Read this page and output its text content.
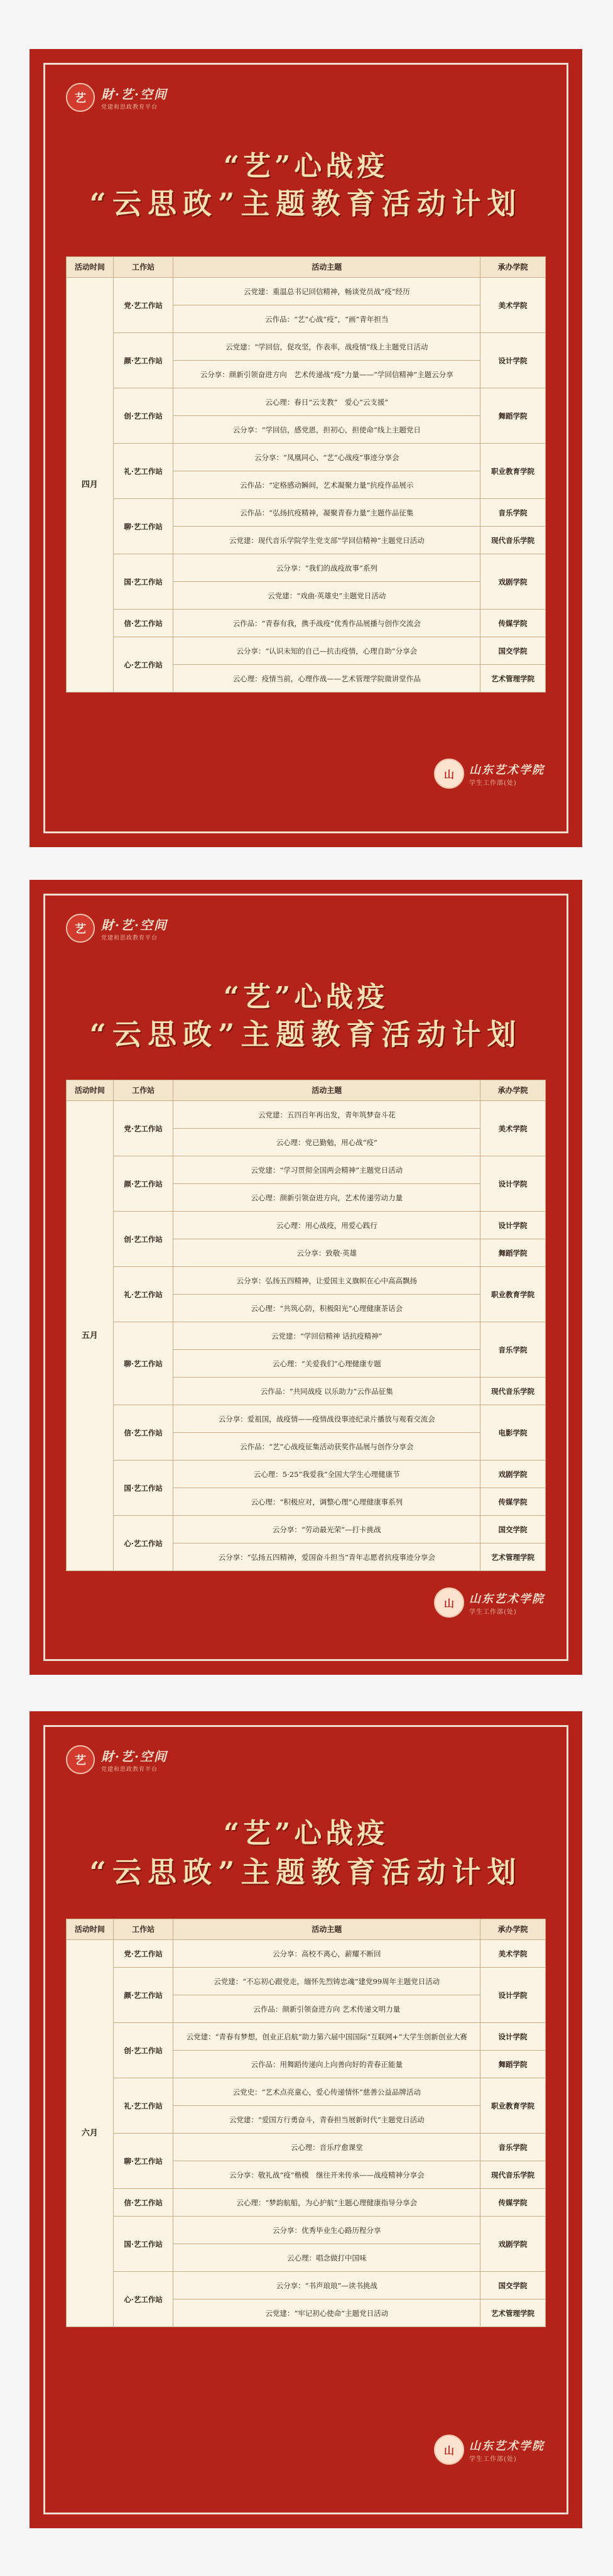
艺	財·艺·空间
党建和思政教育平台
“艺”心战疫
“云思政”主题教育活动计划
活动时间	工作站	活动主题	承办学院
四月	党·艺工作站	云党建：重温总书记回信精神，畅谈党员战“疫”经历	美术学院
		云作品：“艺”心战“疫”，“画”青年担当	
	颜·艺工作站	云党建：“学回信，促攻坚，作表率，战疫情”线上主题党日活动	设计学院
		云分享：颜新引领奋进方向　艺术传递战“疫”力量——“学回信精神”主题云分享	
	创·艺工作站	云心理：春日“云支教”　爱心“云支援”	舞蹈学院
		云分享：“学回信，感党恩，担初心，担使命”线上主题党日	
	礼·艺工作站	云分享：“凤凰同心、“艺”心战疫”事迹分享会	职业教育学院
		云作品：“定格感动瞬间，艺术凝聚力量”抗疫作品展示	
	聊·艺工作站	云作品：“弘扬抗疫精神，凝聚青春力量”主题作品征集	音乐学院
		云党建：现代音乐学院学生党支部“学回信精神”主题党日活动	现代音乐学院
	国·艺工作站	云分享：“我们的战疫故事”系列	戏剧学院
		云党建：“戏曲·英雄史”主题党日活动	
	信·艺工作站	云作品：“青春有我，携手战疫”优秀作品展播与创作交流会	传媒学院
	心·艺工作站	云分享：“认识未知的自己—抗击疫情，心理自助”分享会	国交学院
		云心理：疫情当前，心理作战——艺术管理学院微讲堂作品	艺术管理学院
山	山东艺术学院
学生工作部(处)
艺	財·艺·空间
党建和思政教育平台
“艺”心战疫
“云思政”主题教育活动计划
活动时间	工作站	活动主题	承办学院
五月	党·艺工作站	云党建：五四百年再出发，青年筑梦奋斗花	美术学院
		云心理：党已勤勉，用心战“疫”	
	颜·艺工作站	云党建：“学习贯彻全国两会精神”主题党日活动	设计学院
		云心理：颜新引领奋进方向，艺术传递劳动力量	
	创·艺工作站	云心理：用心战疫，用爱心践行	设计学院
		云分享：致敬·英雄	舞蹈学院
	礼·艺工作站	云分享：弘扬五四精神，让爱国主义旗帜在心中高高飘扬	职业教育学院
		云心理：“共筑心防，积极阳光”心理健康茶话会	
	聊·艺工作站	云党建：“学回信精神 话抗疫精神”	音乐学院
		云心理：“关爱我们”心理健康专题	
		云作品：“共同战疫 以乐助力”云作品征集	现代音乐学院
	信·艺工作站	云分享：爱祖国，战疫情——疫情战役事迹纪录片播放与观看交流会	电影学院
		云作品：“艺”心战疫征集活动获奖作品展与创作分享会	
	国·艺工作站	云心理：5·25“我爱我”全国大学生心理健康节	戏剧学院
		云心理：“积极应对，调整心理”心理健康事系列	传媒学院
	心·艺工作站	云分享：“劳动最光荣”—打卡挑战	国交学院
		云分享：“弘扬五四精神，爱国奋斗担当”青年志愿者抗疫事迹分享会	艺术管理学院
山	山东艺术学院
学生工作部(处)
艺	財·艺·空间
党建和思政教育平台
“艺”心战疫
“云思政”主题教育活动计划
活动时间	工作站	活动主题	承办学院
六月	党·艺工作站	云分享：高校不离心，薪耀不断回	美术学院
	颜·艺工作站	云党建：“不忘初心跟党走，缅怀先烈铸忠魂”建党99周年主题党日活动	设计学院
		云作品：颜新引领奋进方向 艺术传递文明力量	
	创·艺工作站	云党建：“青春有梦想，创业正启航”助力第六届中国国际“互联网+”大学生创新创业大赛	设计学院
		云作品：用舞蹈传递向上向善向好的青春正能量	舞蹈学院
	礼·艺工作站	云党史：“艺术点亮童心，爱心传递情怀”慈善公益品牌活动	职业教育学院
		云党建：“爱国方行勇奋斗，青春担当展新时代”主题党日活动	
	聊·艺工作站	云心理：音乐疗愈课堂	音乐学院
		云分享：敬礼战“疫”楷模　继往开来传承——战疫精神分享会	现代音乐学院
	信·艺工作站	云心理：“梦韵航船，为心护航”主题心理健康指导分享会	传媒学院
	国·艺工作站	云分享：优秀毕业生心路历程分享	戏剧学院
		云心理：唱念做打中国味	
	心·艺工作站	云分享：“书声琅琅”—读书挑战	国交学院
		云党建：“牢记初心使命”主题党日活动	艺术管理学院
山	山东艺术学院
学生工作部(处)
